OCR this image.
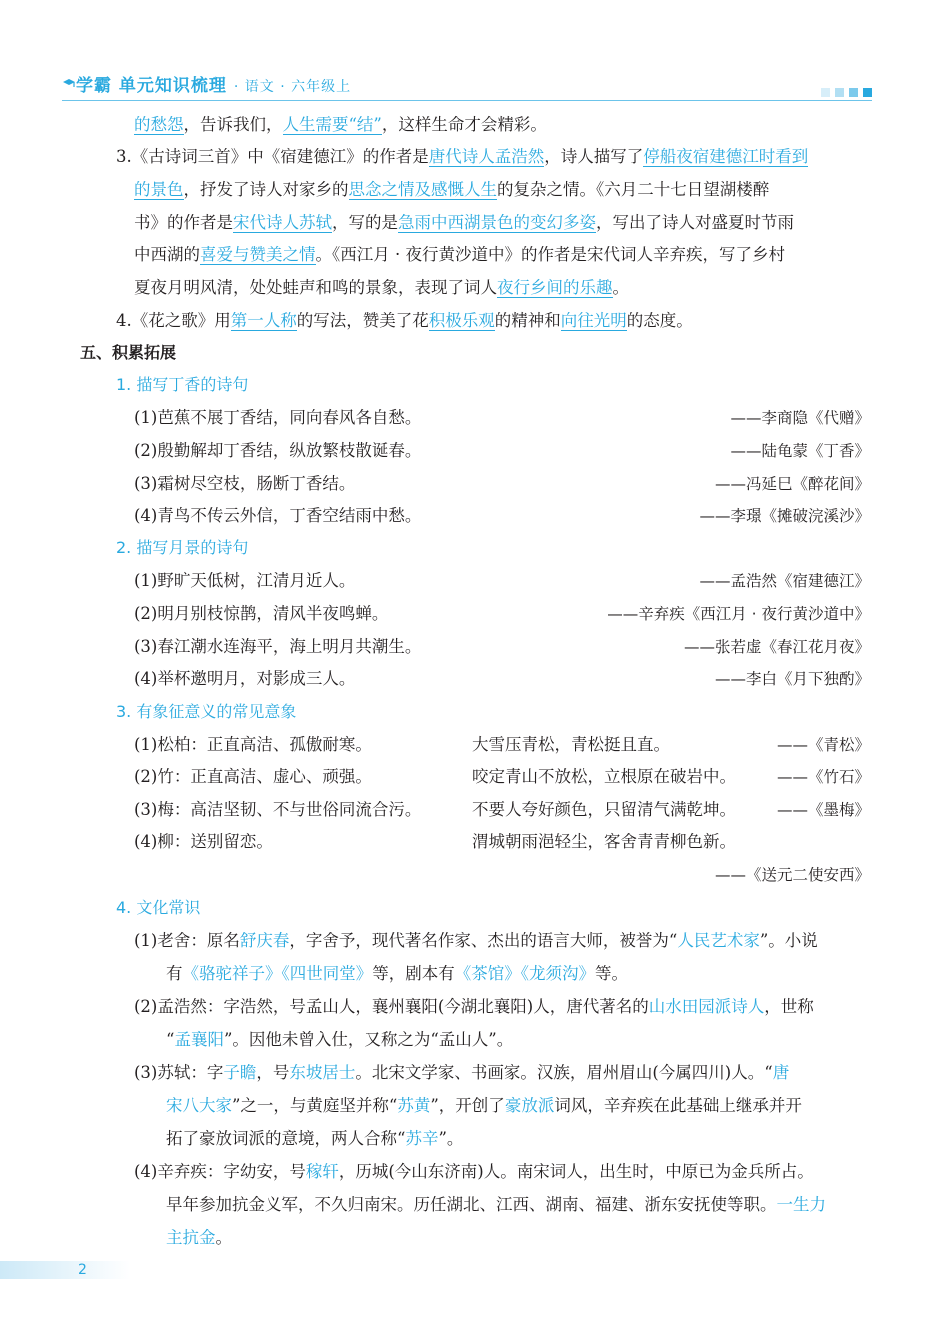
学霸 单元知识梳理 · 语文 · 六年级上
的愁怨，告诉我们，人生需要“结”，这样生命才会精彩。
3.《古诗词三首》中《宿建德江》的作者是唐代诗人孟浩然，诗人描写了停船夜宿建德江时看到
的景色，抒发了诗人对家乡的思念之情及感慨人生的复杂之情。《六月二十七日望湖楼醉
书》的作者是宋代诗人苏轼，写的是急雨中西湖景色的变幻多姿，写出了诗人对盛夏时节雨
中西湖的喜爱与赞美之情。《西江月 · 夜行黄沙道中》的作者是宋代词人辛弃疾，写了乡村
夏夜月明风清，处处蛙声和鸣的景象，表现了词人夜行乡间的乐趣。
4.《花之歌》用第一人称的写法，赞美了花积极乐观的精神和向往光明的态度。
五、积累拓展
1. 描写丁香的诗句
(1)芭蕉不展丁香结，同向春风各自愁。	——李商隐《代赠》
(2)殷勤解却丁香结，纵放繁枝散诞春。	——陆龟蒙《丁香》
(3)霜树尽空枝，肠断丁香结。	——冯延巳《醉花间》
(4)青鸟不传云外信，丁香空结雨中愁。	——李璟《摊破浣溪沙》
2. 描写月景的诗句
(1)野旷天低树，江清月近人。	——孟浩然《宿建德江》
(2)明月别枝惊鹊，清风半夜鸣蝉。	——辛弃疾《西江月 · 夜行黄沙道中》
(3)春江潮水连海平，海上明月共潮生。	——张若虚《春江花月夜》
(4)举杯邀明月，对影成三人。	——李白《月下独酌》
3. 有象征意义的常见意象
(1)松柏：正直高洁、孤傲耐寒。	大雪压青松，青松挺且直。	——《青松》
(2)竹：正直高洁、虚心、顽强。	咬定青山不放松，立根原在破岩中。	——《竹石》
(3)梅：高洁坚韧、不与世俗同流合污。	不要人夸好颜色，只留清气满乾坤。	——《墨梅》
(4)柳：送别留恋。	渭城朝雨浥轻尘，客舍青青柳色新。
——《送元二使安西》
4. 文化常识
(1)老舍：原名舒庆春，字舍予，现代著名作家、杰出的语言大师，被誉为“人民艺术家”。小说
有《骆驼祥子》《四世同堂》等，剧本有《茶馆》《龙须沟》等。
(2)孟浩然：字浩然，号孟山人，襄州襄阳(今湖北襄阳)人，唐代著名的山水田园派诗人，世称
“孟襄阳”。因他未曾入仕，又称之为“孟山人”。
(3)苏轼：字子瞻，号东坡居士。北宋文学家、书画家。汉族，眉州眉山(今属四川)人。“唐
宋八大家”之一，与黄庭坚并称“苏黄”，开创了豪放派词风，辛弃疾在此基础上继承并开
拓了豪放词派的意境，两人合称“苏辛”。
(4)辛弃疾：字幼安，号稼轩，历城(今山东济南)人。南宋词人，出生时，中原已为金兵所占。
早年参加抗金义军，不久归南宋。历任湖北、江西、湖南、福建、浙东安抚使等职。一生力
主抗金。
2
